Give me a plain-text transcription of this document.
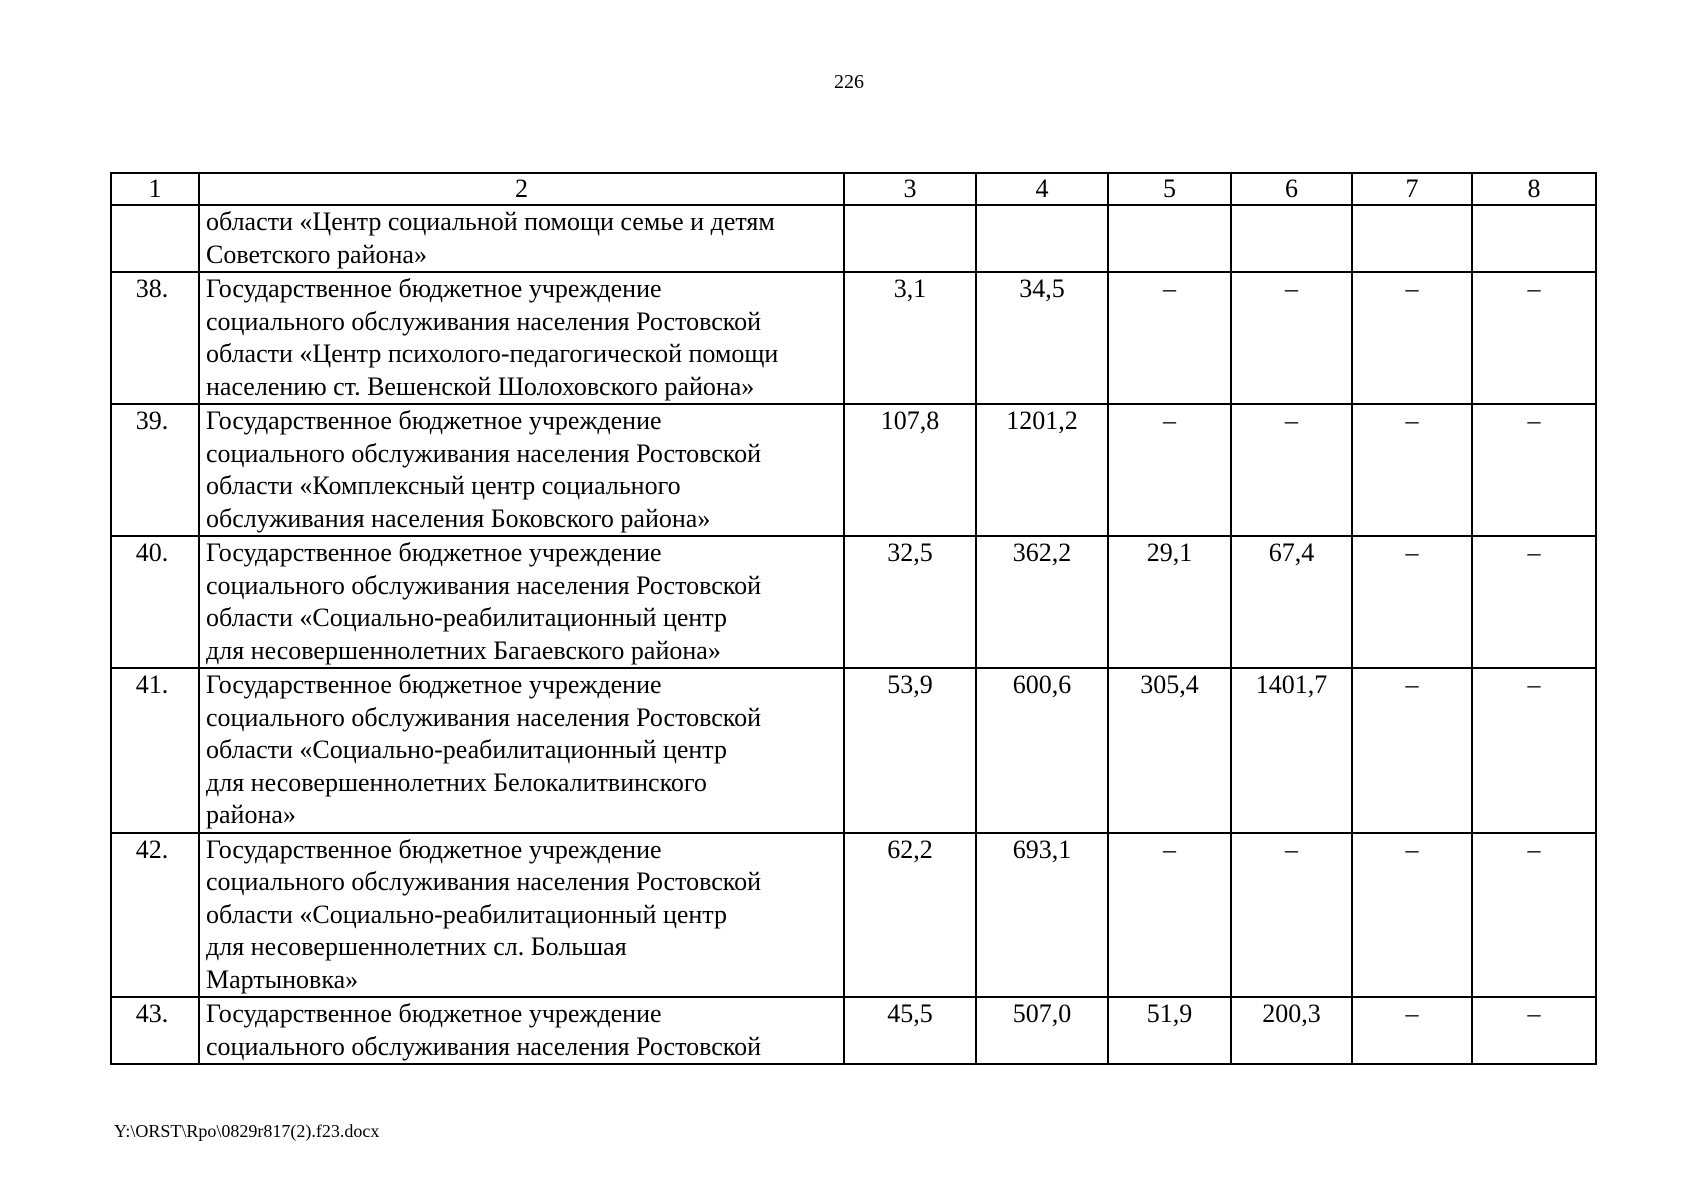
226
1	2	3	4	5	6	7	8

	области «Центр социальной помощи семье и детям
Советского района»						

38.	Государственное бюджетное учреждение
социального обслуживания населения Ростовской
области «Центр психолого-педагогической помощи
населению ст. Вешенской Шолоховского района»	3,1	34,5	–	–	–	–
39.	Государственное бюджетное учреждение
социального обслуживания населения Ростовской
области «Комплексный центр социального
обслуживания населения Боковского района»	107,8	1201,2	–	–	–	–
40.	Государственное бюджетное учреждение
социального обслуживания населения Ростовской
области «Социально-реабилитационный центр
для несовершеннолетних Багаевского района»	32,5	362,2	29,1	67,4	–	–
41.	Государственное бюджетное учреждение
социального обслуживания населения Ростовской
области «Социально-реабилитационный центр
для несовершеннолетних Белокалитвинского
района»	53,9	600,6	305,4	1401,7	–	–
42.	Государственное бюджетное учреждение
социального обслуживания населения Ростовской
области «Социально-реабилитационный центр
для несовершеннолетних сл. Большая
Мартыновка»	62,2	693,1	–	–	–	–
43.	Государственное бюджетное учреждение
социального обслуживания населения Ростовской	45,5	507,0	51,9	200,3	–	–
Y:\ORST\Rpo\0829r817(2).f23.docx
